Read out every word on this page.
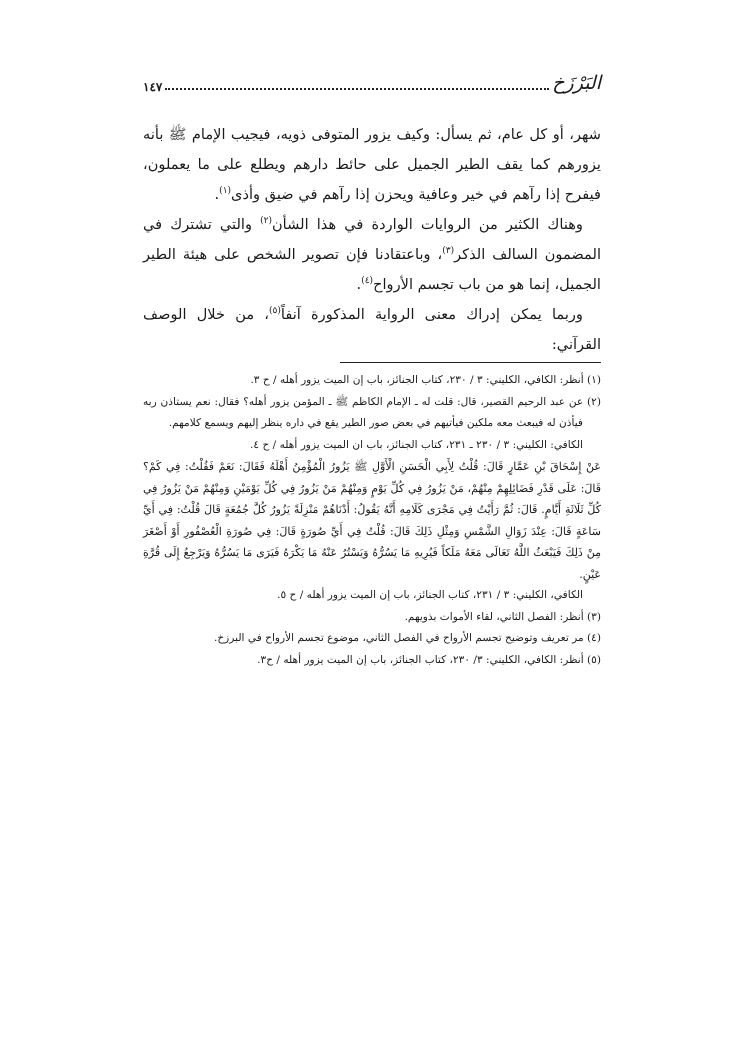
البَرْزَخ
١٤٧

شهر، أو كل عام، ثم يسأل: وكيف يزور المتوفى ذويه، فيجيب الإمام ﷺ بأنه يزورهم كما يقف الطير الجميل على حائط دارهم ويطلع على ما يعملون، فيفرح إذا رآهم في خير وعافية ويحزن إذا رآهم في ضيق وأذى$^{(١)}$.

وهناك الكثير من الروايات الواردة في هذا الشأن$^{(٢)}$ والتي تشترك في المضمون السالف الذكر$^{(٣)}$، وباعتقادنا فإن تصوير الشخص على هيئة الطير الجميل، إنما هو من باب تجسم الأرواح$^{(٤)}$.

وربما يمكن إدراك معنى الرواية المذكورة آنفاً$^{(٥)}$، من خلال الوصف القرآني:

(١) أنظر: الكافي، الكليني: ٣ / ٢٣٠، كتاب الجنائز، باب إن الميت يزور أهله / ح ٣.

(٢) عن عبد الرحيم القصير، قال: قلت له ـ الإمام الكاظم ﷺ ـ المؤمن يزور أهله؟ فقال: نعم يستاذن ربه فيأذن له فيبعث معه ملكين فيأتيهم في بعض صور الطير يقع في داره ينظر إليهم ويسمع كلامهم.

الكافي: الكليني: ٣ / ٢٣٠ ـ ٢٣١، كتاب الجنائز، باب ان الميت يزور أهله / ح ٤.

عَنْ إِسْحَاقَ بْنِ عَمَّارٍ قَالَ: قُلْتُ لِأَبِي الْحَسَنِ الْأَوَّلِ ﷺ يَزُورُ الْمُؤْمِنُ أَهْلَهُ فَقَالَ: نَعَمْ فَقُلْتُ: فِي كَمْ؟ قَالَ: عَلَى قَدْرِ فَضَائِلِهِمْ مِنْهُمْ، مَنْ يَزُورُ فِي كُلِّ يَوْمٍ وَمِنْهُمْ مَنْ يَزُورُ فِي كُلِّ يَوْمَيْنِ وَمِنْهُمْ مَنْ يَزُورُ فِي كُلِّ ثَلَاثَةِ أَيَّامٍ. قَالَ: ثُمَّ رَأَيْتُ فِي مَجْرَى كَلَامِهِ أَنَّهُ يَقُولُ: أَدْنَاهُمْ مَنْزِلَةً يَزُورُ كُلَّ جُمُعَةٍ قَالَ قُلْتُ: فِي أَيِّ سَاعَةٍ قَالَ: عِنْدَ زَوَالِ الشَّمْسِ وَمِثْلِ ذَلِكَ قَالَ: قُلْتُ فِي أَيِّ صُورَةٍ قَالَ: فِي صُورَةِ الْعُصْفُورِ أَوْ أَصْغَرَ مِنْ ذَلِكَ فَيَبْعَثُ اللَّهُ تَعَالَى مَعَهُ مَلَكاً فَيُرِيهِ مَا يَسُرُّهُ وَيَسْتُرُ عَنْهُ مَا يَكْرَهُ فَيَرَى مَا يَسُرُّهُ وَيَرْجِعُ إِلَى قُرَّةِ عَيْنٍ.

الكافي، الكليني: ٣ / ٢٣١، كتاب الجنائز، باب إن الميت يزور أهله / ح ٥.

(٣) أنظر: الفصل الثاني، لقاء الأموات بذويهم.

(٤) مر تعريف وتوضيح تجسم الأرواح في الفصل الثاني، موضوع تجسم الأرواح في البرزخ.

(٥) أنظر: الكافي، الكليني: ٣/ ٢٣٠، كتاب الجنائز، باب إن الميت يزور أهله / ح٣.
